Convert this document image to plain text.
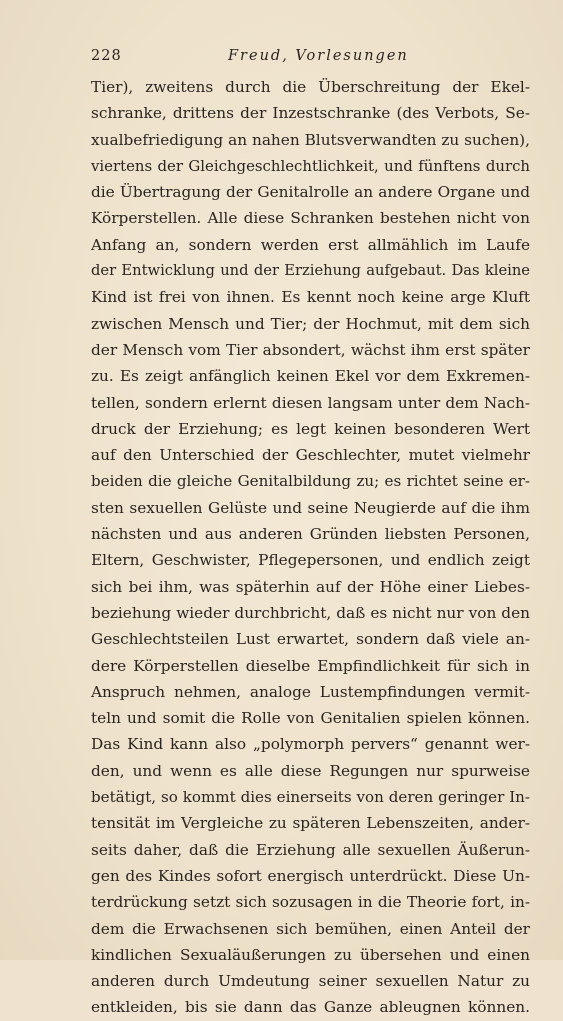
228	Freud, Vorlesungen
Tier), zweitens durch die Überschreitung der Ekel-
schranke, drittens der Inzestschranke (des Verbots, Se-
xualbefriedigung an nahen Blutsverwandten zu suchen),
viertens der Gleichgeschlechtlichkeit, und fünftens durch
die Übertragung der Genitalrolle an andere Organe und
Körperstellen. Alle diese Schranken bestehen nicht von
Anfang an, sondern werden erst allmählich im Laufe
der Entwicklung und der Erziehung aufgebaut. Das kleine
Kind ist frei von ihnen. Es kennt noch keine arge Kluft
zwischen Mensch und Tier; der Hochmut, mit dem sich
der Mensch vom Tier absondert, wächst ihm erst später
zu. Es zeigt anfänglich keinen Ekel vor dem Exkremen-
tellen, sondern erlernt diesen langsam unter dem Nach-
druck der Erziehung; es legt keinen besonderen Wert
auf den Unterschied der Geschlechter, mutet vielmehr
beiden die gleiche Genitalbildung zu; es richtet seine er-
sten sexuellen Gelüste und seine Neugierde auf die ihm
nächsten und aus anderen Gründen liebsten Personen,
Eltern, Geschwister, Pflegepersonen, und endlich zeigt
sich bei ihm, was späterhin auf der Höhe einer Liebes-
beziehung wieder durchbricht, daß es nicht nur von den
Geschlechtsteilen Lust erwartet, sondern daß viele an-
dere Körperstellen dieselbe Empfindlichkeit für sich in
Anspruch nehmen, analoge Lustempfindungen vermit-
teln und somit die Rolle von Genitalien spielen können.
Das Kind kann also „polymorph pervers“ genannt wer-
den, und wenn es alle diese Regungen nur spurweise
betätigt, so kommt dies einerseits von deren geringer In-
tensität im Vergleiche zu späteren Lebenszeiten, ander-
seits daher, daß die Erziehung alle sexuellen Äußerun-
gen des Kindes sofort energisch unterdrückt. Diese Un-
terdrückung setzt sich sozusagen in die Theorie fort, in-
dem die Erwachsenen sich bemühen, einen Anteil der
kindlichen Sexualäußerungen zu übersehen und einen
anderen durch Umdeutung seiner sexuellen Natur zu
entkleiden, bis sie dann das Ganze ableugnen können.
